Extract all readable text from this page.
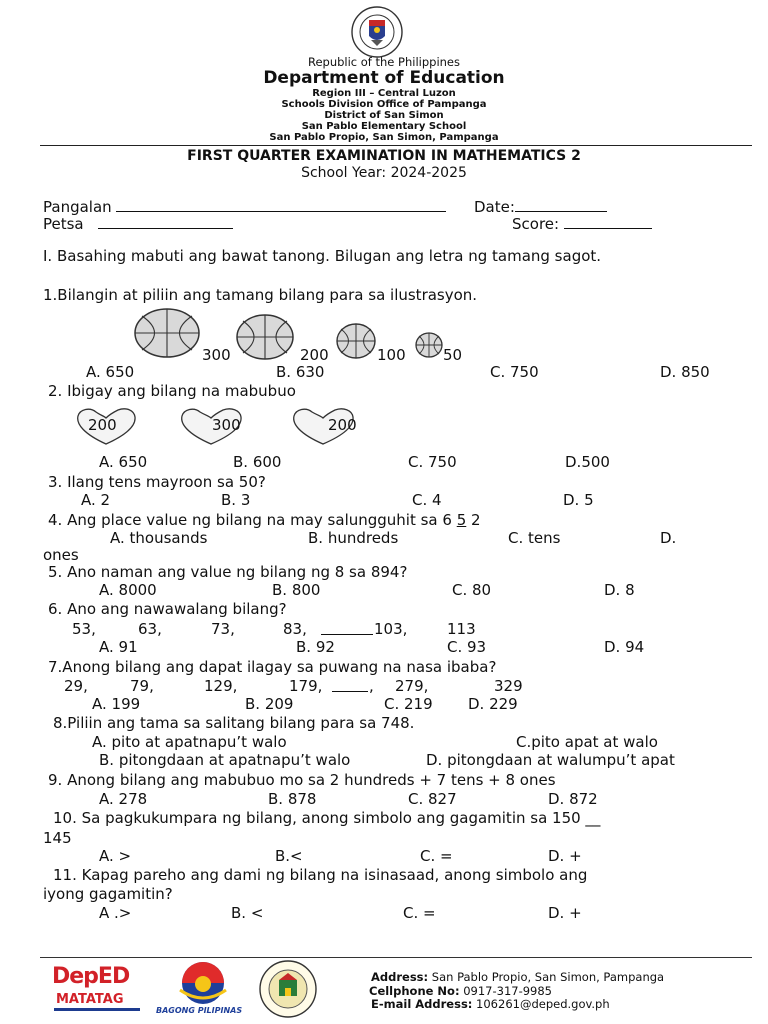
Republic of the Philippines
Department of Education
Region III – Central Luzon
Schools Division Office of Pampanga
District of San Simon
San Pablo Elementary School
San Pablo Propio, San Simon, Pampanga
FIRST QUARTER EXAMINATION IN MATHEMATICS 2
School Year: 2024-2025
Pangalan	Date:
Petsa	Score:
I. Basahing mabuti ang bawat tanong. Bilugan ang letra ng tamang sagot.
1.Bilangin at piliin ang tamang bilang para sa ilustrasyon.
300	200	100 50
A. 650	B. 630	C. 750	D. 850
2. Ibigay ang bilang na mabubuo
200	300	200
A. 650	B. 600	C. 750	D.500
3. Ilang tens mayroon sa 50?
A. 2	B. 3	C. 4	D. 5
4. Ang place value ng bilang na may salungguhit sa 6 5 2
A. thousands	B. hundreds	C. tens	D.
ones
5. Ano naman ang value ng bilang ng 8 sa 894?
A. 8000	B. 800	C. 80	D. 8
6. Ano ang nawawalang bilang?
53,	63,	73,	83,	103,	113
A. 91	B. 92	C. 93	D. 94
7.Anong bilang ang dapat ilagay sa puwang na nasa ibaba?
29,	79,	129,	179,	, 279,	329
A. 199	B. 209	C. 219 D. 229
8.Piliin ang tama sa salitang bilang para sa 748.
A. pito at apatnapu’t walo	C.pito apat at walo
B. pitongdaan at apatnapu’t walo	D. pitongdaan at walumpu’t apat
9. Anong bilang ang mabubuo mo sa 2 hundreds + 7 tens + 8 ones
A. 278	B. 878	C. 827	D. 872
10. Sa pagkukumpara ng bilang, anong simbolo ang gagamitin sa 150 __
145
A. >	B.<	C. =	D. +
11. Kapag pareho ang dami ng bilang na isinasaad, anong simbolo ang
iyong gagamitin?
A .>	B. <	C. =	D. +
DepED
MATATAG
BAGONG PILIPINAS
Address: San Pablo Propio, San Simon, Pampanga
Cellphone No: 0917-317-9985
E-mail Address: 106261@deped.gov.ph
